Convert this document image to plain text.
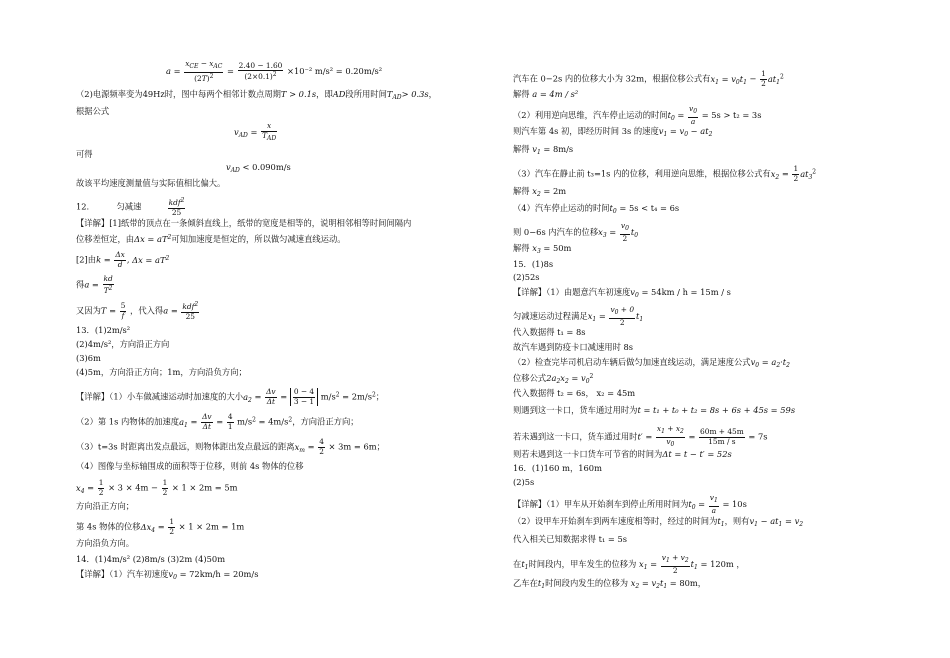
$a = \frac{x_{CE} - x_{AC}}{(2T)^2} = \frac{2.40 - 1.60}{(2\times 0.1)^2} \times 10^{-2}$ m/s² = 0.20m/s²
（2)电源频率变为49Hz时，图中每两个相邻计数点周期T > 0.1s，即AD段所用时间$T_{AD}> 0.3s$，
根据公式
$v_{AD} = \frac{x}{T_{AD}}$
可得
$v_{AD} < 0.090m/s$
故该平均速度测量值与实际值相比偏大。
12.	匀减速	$\frac{kdf^2}{25}$
【详解】[1]纸带的顶点在一条倾斜直线上，纸带的宽度是相等的，说明相邻相等时间间隔内
位移差恒定，由$\Delta x = aT^2$可知加速度是恒定的，所以做匀减速直线运动。
[2]由$k = \frac{\Delta x}{d}$ , $\Delta x = aT^2$
得$a = \frac{kd}{T^2}$
又因为$T = \frac{5}{f}$ ，代入得$a = \frac{kdf^2}{25}$
13．(1)2m/s²
(2)4m/s²，方向沿正方向
(3)6m
(4)5m，方向沿正方向；1m，方向沿负方向；
【详解】（1）小车做减速运动时加速度的大小$a_2 = \frac{\Delta v}{\Delta t} = \frac{0 - 4}{3 - 1} m/s^2 = 2m/s^2$；
（2）第 1s 内物体的加速度$a_1 = \frac{\Delta v}{\Delta t} = \frac{4}{1} m/s^2 = 4m/s^2$，方向沿正方向；
（3）t=3s 时距离出发点最远，则物体距出发点最远的距离$x_m = \frac{4}{2} \times 3m = 6m$；
（4）图像与坐标轴围成的面积等于位移，则前 4s 物体的位移
$x_4 = \frac{1}{2} \times 3 \times 4m - \frac{1}{2} \times 1 \times 2m = 5m$
方向沿正方向；
第 4s 物体的位移$\Delta x_4 = \frac{1}{2} \times 1 \times 2m = 1m$
方向沿负方向。
14．(1)4m/s² (2)8m/s (3)2m (4)50m
【详解】（1）汽车初速度$v_0 = 72km/h = 20m/s$
汽车在 0−2s 内的位移大小为 32m，根据位移公式有$x_1 = v_0t_1 - \frac{1}{2} at_1^2$
解得 a = 4m / s²
（2）利用逆向思维，汽车停止运动的时间$t_0 = \frac{v_0}{a} = 5s > t_2 = 3s$
则汽车第 4s 初，即经历时间 3s 的速度$v_1 = v_0 - at_2$
解得 $v_1 = 8m/s$
（3）汽车在静止前 t₃=1s 内的位移，利用逆向思维，根据位移公式有$x_2 = \frac{1}{2} at_3^2$
解得 $x_2 = 2m$
（4）汽车停止运动的时间$t_0 = 5s < t_4 = 6s$
则 0−6s 内汽车的位移$x_3 = \frac{v_0}{2} t_0$
解得 $x_3 = 50m$
15．(1)8s
(2)52s
【详解】（1）由题意汽车初速度$v_0 = 54km / h = 15m / s$
匀减速运动过程满足$x_1 = \frac{v_0 + 0}{2} t_1$
代入数据得 t₁ = 8s
故汽车遇到防疫卡口减速用时 8s
（2）检查完毕司机启动车辆后做匀加速直线运动，满足速度公式$v_0 = a_2\cdot t_2$
位移公式$2a_2x_2 = v_0^2$
代入数据得 t₂ = 6s， x₂ = 45m
则遇到这一卡口，货车通过用时为t = t₁ + t₀ + t₂ = 8s + 6s + 45s = 59s
若未遇到这一卡口，货车通过用时$t' = \frac{x_1 + x_2}{v_0} = \frac{60m + 45m}{15m / s} = 7s$
则若未遇到这一卡口货车可节省的时间为Δt = t − t′ = 52s
16．(1)160 m，160m
(2)5s
【详解】（1）甲车从开始刹车到停止所用时间为$t_0 = \frac{v_1}{a} = 10s$
（2）设甲车开始刹车到两车速度相等时，经过的时间为$t_1$，则有$v_1 - at_1 = v_2$
代入相关已知数据求得 t₁ = 5s
在$t_1$时间段内，甲车发生的位移为 $x_1 = \frac{v_1 + v_2}{2} t_1 = 120m$ ，
乙车在$t_1$时间段内发生的位移为 $x_2 = v_2t_1 = 80m$，
